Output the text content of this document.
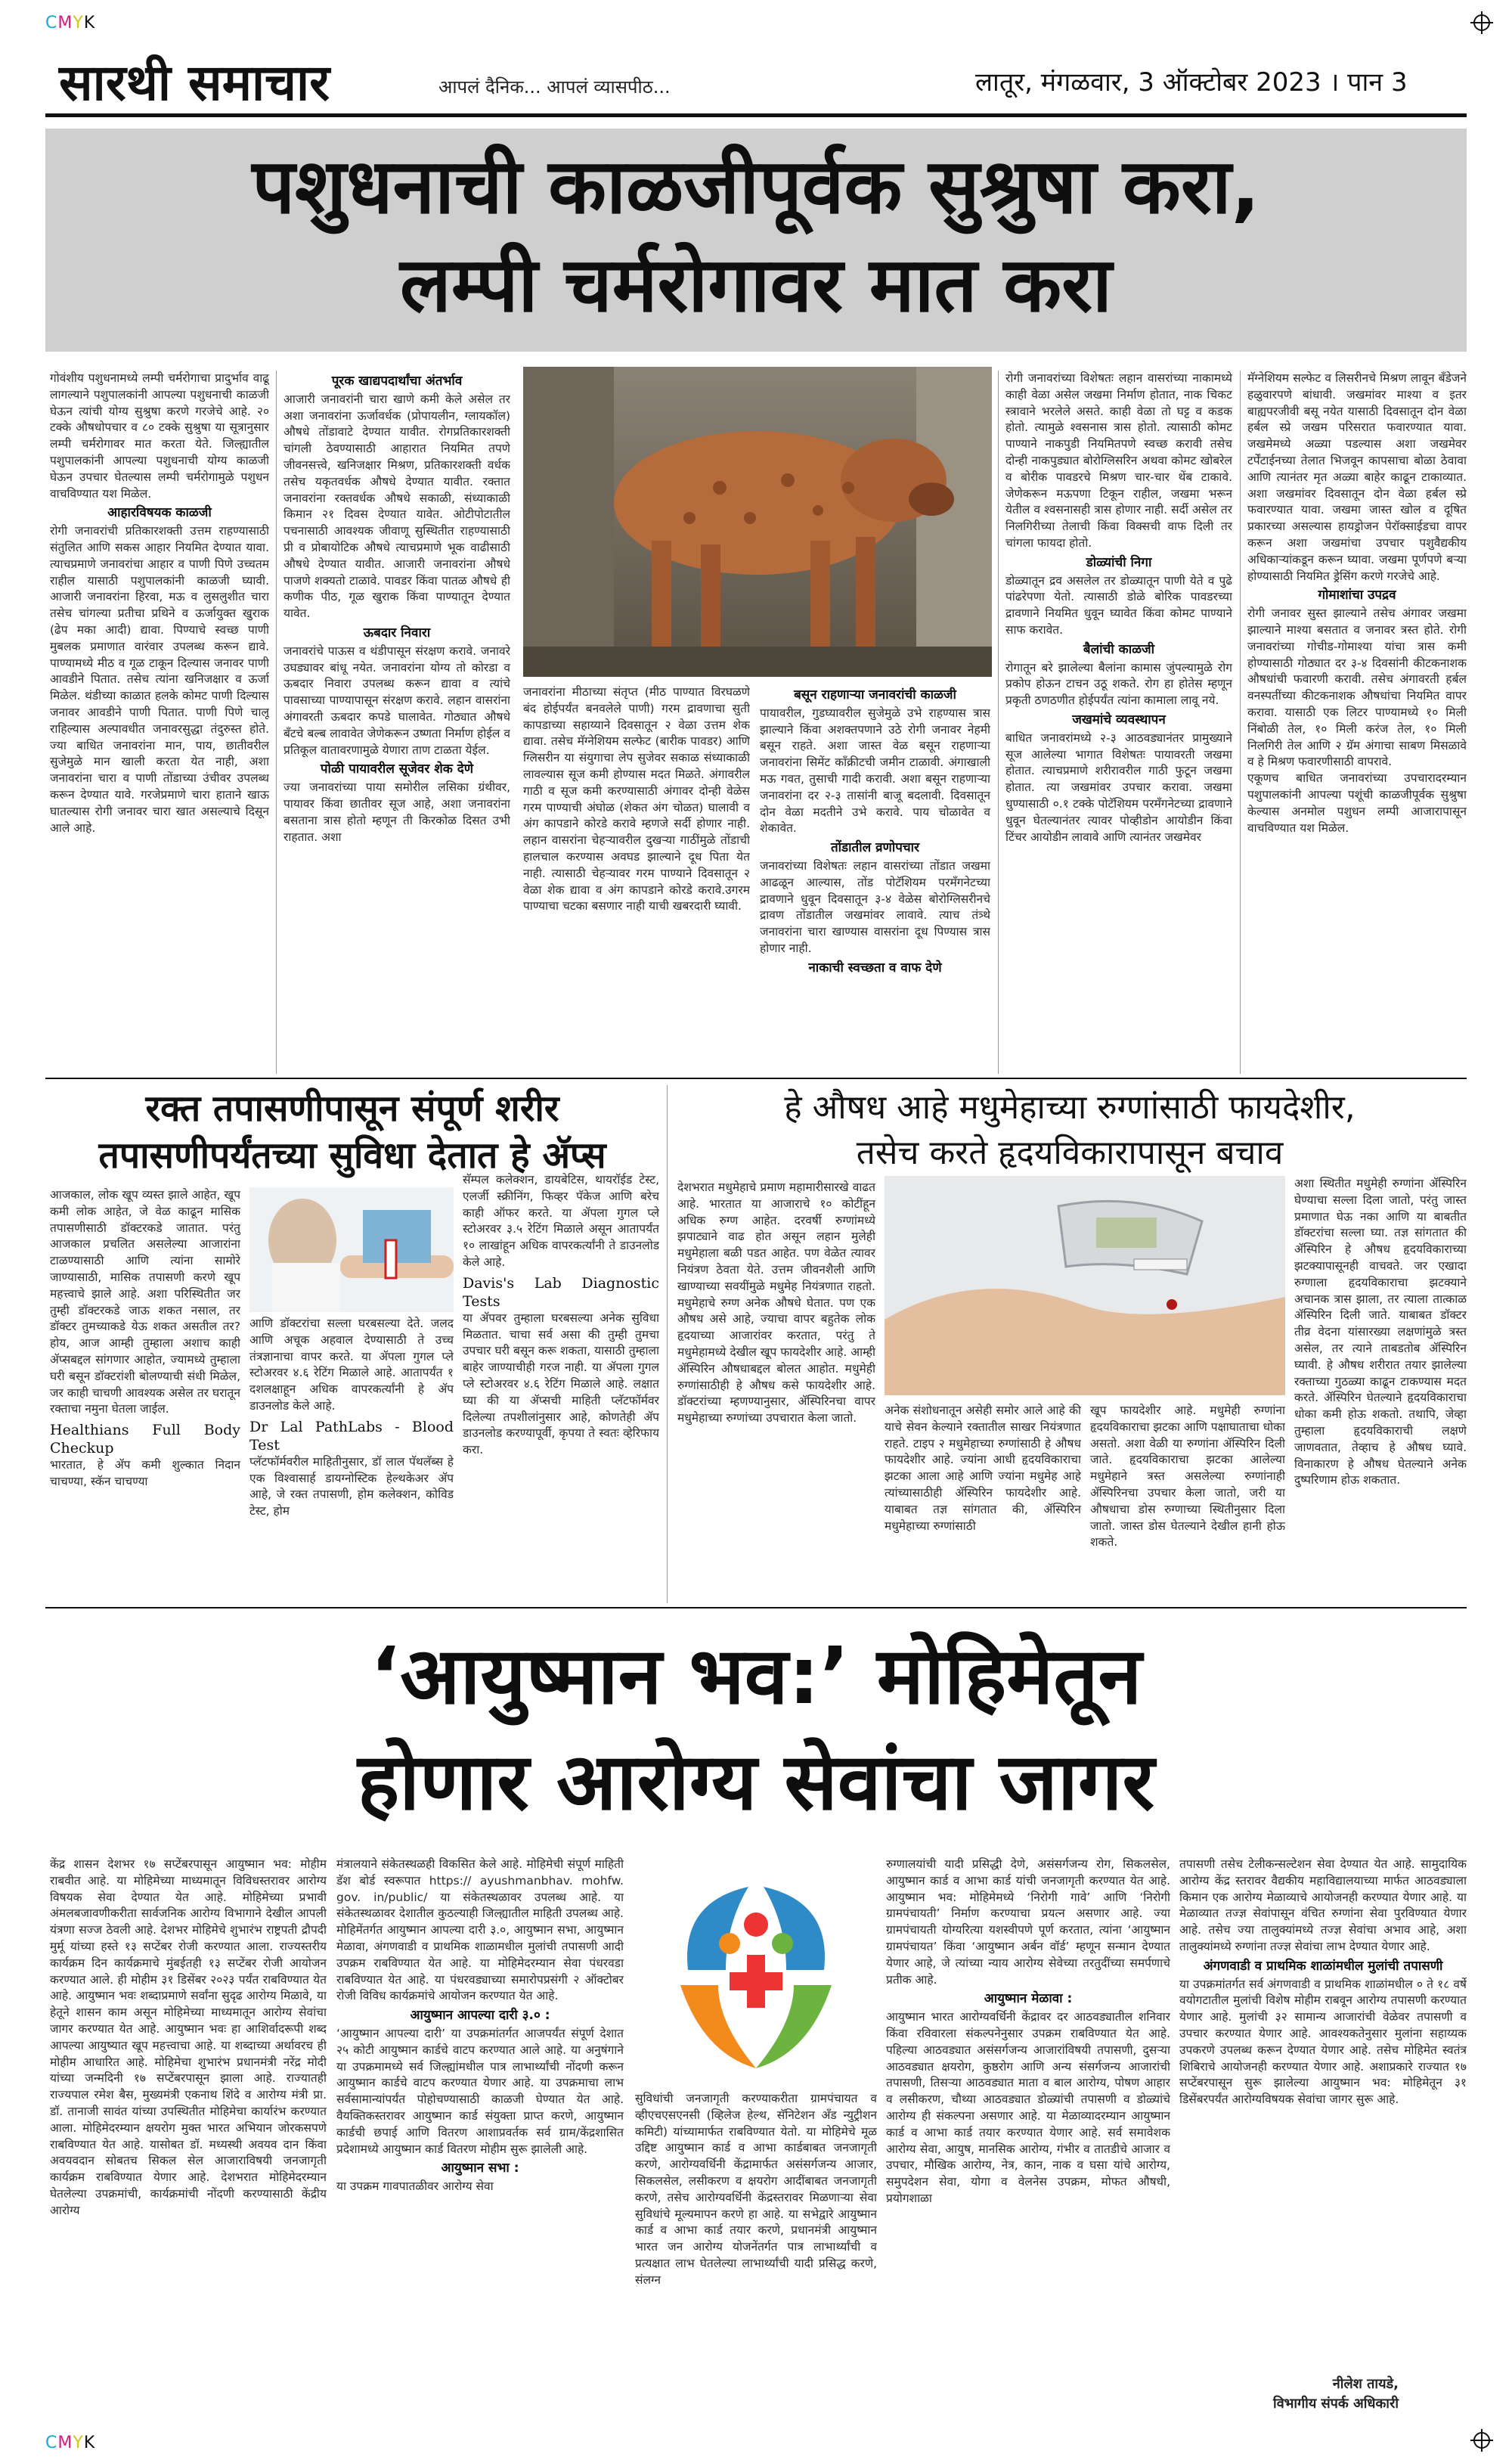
CMYK
CMYK
सारथी समाचार	आपलं दैनिक... आपलं व्यासपीठ...	लातूर, मंगळवार, 3 ऑक्टोबर 2023 । पान 3
पशुधनाची काळजीपूर्वक सुश्रुषा करा,
लम्पी चर्मरोगावर मात करा

गोवंशीय पशुधनामध्ये लम्पी चर्मरोगाचा प्रादुर्भाव वाढू लागल्याने पशुपालकांनी आपल्या पशुधनाची काळजी घेऊन त्यांची योग्य सुश्रुषा करणे गरजेचे आहे. २० टक्के औषधोपचार व ८० टक्के सुश्रुषा या सूत्रानुसार लम्पी चर्मरोगावर मात करता येते. जिल्ह्यातील पशुपालकांनी आपल्या पशुधनाची योग्य काळजी घेऊन उपचार घेतल्यास लम्पी चर्मरोगामुळे पशुधन वाचविण्यात यश मिळेल.

आहारविषयक काळजी

रोगी जनावरांची प्रतिकारशक्ती उत्तम राहण्यासाठी संतुलित आणि सकस आहार नियमित देण्यात यावा. त्याचप्रमाणे जनावरांचा आहार व पाणी पिणे उच्चतम राहील यासाठी पशुपालकांनी काळजी घ्यावी. आजारी जनावरांना हिरवा, मऊ व लुसलुशीत चारा तसेच चांगल्या प्रतीचा प्रथिने व ऊर्जायुक्त खुराक (ढेप मका आदी) द्यावा. पिण्याचे स्वच्छ पाणी मुबलक प्रमाणात वारंवार उपलब्ध करून द्यावे. पाण्यामध्ये मीठ व गूळ टाकून दिल्यास जनावर पाणी आवडीने पितात. तसेच त्यांना खनिजक्षार व ऊर्जा मिळेल. थंडीच्या काळात हलके कोमट पाणी दिल्यास जनावर आवडीने पाणी पितात. पाणी पिणे चालू राहिल्यास अल्पावधीत जनावरसुद्धा तंदुरुस्त होते. ज्या बाधित जनावरांना मान, पाय, छातीवरील सुजेमुळे मान खाली करता येत नाही, अशा जनावरांना चारा व पाणी तोंडाच्या उंचीवर उपलब्ध करून देण्यात यावे. गरजेप्रमाणे चारा हाताने खाऊ घातल्यास रोगी जनावर चारा खात असल्याचे दिसून आले आहे.

पूरक खाद्यपदार्थांचा अंतर्भाव

आजारी जनावरांनी चारा खाणे कमी केले असेल तर अशा जनावरांना ऊर्जावर्धक (प्रोपायलीन, ग्लायकॉल) औषधे तोंडावाटे देण्यात यावीत. रोगप्रतिकारशक्ती चांगली ठेवण्यासाठी आहारात नियमित तपणे जीवनसत्त्वे, खनिजक्षार मिश्रण, प्रतिकारशक्ती वर्धक तसेच यकृतवर्धक औषधे देण्यात यावीत. रक्तात जनावरांना रक्तवर्धक औषधे सकाळी, संध्याकाळी किमान २१ दिवस देण्यात यावेत. ओटीपोटातील पचनासाठी आवश्यक जीवाणू सुस्थितीत राहण्यासाठी प्री व प्रोबायोटिक औषधे त्याचप्रमाणे भूक वाढीसाठी औषधे देण्यात यावीत. आजारी जनावरांना औषधे पाजणे शक्यतो टाळावे. पावडर किंवा पातळ औषधे ही कणीक पीठ, गूळ खुराक किंवा पाण्यातून देण्यात यावेत.

ऊबदार निवारा

जनावरांचे पाऊस व थंडीपासून संरक्षण करावे. जनावरे उघड्यावर बांधू नयेत. जनावरांना योग्य तो कोरडा व ऊबदार निवारा उपलब्ध करून द्यावा व त्यांचे पावसाच्या पाण्यापासून संरक्षण करावे. लहान वासरांना अंगावरती ऊबदार कपडे घालावेत. गोठ्यात औषधे बँटचे बल्ब लावावेत जेणेकरून उष्णता निर्माण होईल व प्रतिकूल वातावरणामुळे येणारा ताण टाळता येईल.

पोळी पायावरील सूजेवर शेक देणे

ज्या जनावरांच्या पाया समोरील लसिका ग्रंथीवर, पायावर किंवा छातीवर सूज आहे, अशा जनावरांना बसताना त्रास होतो म्हणून ती किरकोळ दिसत उभी राहतात. अशा

जनावरांना मीठाच्या संतृप्त (मीठ पाण्यात विरघळणे बंद होईपर्यंत बनवलेले पाणी) गरम द्रावणाचा सुती कापडाच्या सहाय्याने दिवसातून २ वेळा उत्तम शेक द्यावा. तसेच मॅग्नेशियम सल्फेट (बारीक पावडर) आणि ग्लिसरीन या संयुगाचा लेप सुजेवर सकाळ संध्याकाळी लावल्यास सूज कमी होण्यास मदत मिळते. अंगावरील गाठी व सूज कमी करण्यासाठी अंगावर दोन्ही वेळेस गरम पाण्याची अंघोळ (शेकत अंग चोळत) घालावी व अंग कापडाने कोरडे करावे म्हणजे सर्दी होणार नाही. लहान वासरांना चेहऱ्यावरील दुखऱ्या गाठींमुळे तोंडाची हालचाल करण्यास अवघड झाल्याने दूध पिता येत नाही. त्यासाठी चेहऱ्यावर गरम पाण्याने दिवसातून २ वेळा शेक द्यावा व अंग कापडाने कोरडे करावे.उगरम पाण्याचा चटका बसणार नाही याची खबरदारी घ्यावी.

बसून राहणाऱ्या जनावरांची काळजी

पायावरील, गुडघ्यावरील सुजेमुळे उभे राहण्यास त्रास झाल्याने किंवा अशक्तपणाने उठे रोगी जनावर नेहमी बसून राहते. अशा जास्त वेळ बसून राहणाऱ्या जनावरांना सिमेंट काँक्रीटची जमीन टाळावी. अंगाखाली मऊ गवत, तुसाची गादी करावी. अशा बसून राहणाऱ्या जनावरांना दर २-३ तासांनी बाजू बदलावी. दिवसातून दोन वेळा मदतीने उभे करावे. पाय चोळावेत व शेकावेत.

तोंडातील व्रणोपचार

जनावरांच्या विशेषतः लहान वासरांच्या तोंडात जखमा आढळून आल्यास, तोंड पोटॅशियम परमँगनेटच्या द्रावणाने धुवून दिवसातून ३-४ वेळेस बोरोग्लिसरीनचे द्रावण तोंडातील जखमांवर लावावे. त्याच तंत्र्थे जनावरांना चारा खाण्यास वासरांना दूध पिण्यास त्रास होणार नाही.

नाकाची स्वच्छता व वाफ देणे

रोगी जनावरांच्या विशेषतः लहान वासरांच्या नाकामध्ये काही वेळा असेल जखमा निर्माण होतात, नाक चिकट स्त्रावाने भरलेले असते. काही वेळा तो घट्ट व कडक होतो. त्यामुळे श्वसनास त्रास होतो. त्यासाठी कोमट पाण्याने नाकपुडी नियमितपणे स्वच्छ करावी तसेच दोन्ही नाकपुड्यात बोरोग्लिसरिन अथवा कोमट खोबरेल व बोरीक पावडरचे मिश्रण चार-चार थेंब टाकावे. जेणेकरून मऊपणा टिकून राहील, जखमा भरून येतील व श्वसनासही त्रास होणार नाही. सर्दी असेल तर निलगिरीच्या तेलाची किंवा विक्सची वाफ दिली तर चांगला फायदा होतो.

डोळ्यांची निगा

डोळ्यातून द्रव असलेल तर डोळ्यातून पाणी येते व पुढे पांढरेपणा येतो. त्यासाठी डोळे बोरिक पावडरच्या द्रावणाने नियमित धुवून घ्यावेत किंवा कोमट पाण्याने साफ करावेत.

बैलांची काळजी

रोगातून बरे झालेल्या बैलांना कामास जुंपल्यामुळे रोग प्रकोप होऊन टाचन उठू शकते. रोग हा होतेस म्हणून प्रकृती ठणठणीत होईपर्यंत त्यांना कामाला लावू नये.

जखमांचे व्यवस्थापन

बाधित जनावरांमध्ये २-३ आठवड्यानंतर प्रामुख्याने सूज आलेल्या भागात विशेषतः पायावरती जखमा होतात. त्याचप्रमाणे शरीरावरील गाठी फुटून जखमा होतात. त्या जखमांवर उपचार करावा. जखमा धुण्यासाठी ०.१ टक्के पोटॅशियम परमँगनेटच्या द्रावणाने धुवून घेतल्यानंतर त्यावर पोव्हीडोन आयोडीन किंवा टिंचर आयोडीन लावावे आणि त्यानंतर जखमेवर

मॅग्नेशियम सल्फेट व लिसरीनचे मिश्रण लावून बँडेजने हळुवारपणे बांधावी. जखमांवर माश्या व इतर बाह्यपरजीवी बसू नयेत यासाठी दिवसातून दोन वेळा हर्बल स्प्रे जखम परिसरात फवारण्यात यावा. जखमेमध्ये अळ्या पडल्यास अशा जखमेवर टर्पेंटाईनच्या तेलात भिजवून कापसाचा बोळा ठेवावा आणि त्यानंतर मृत अळ्या बाहेर काढून टाकाव्यात. अशा जखमांवर दिवसातून दोन वेळा हर्बल स्प्रे फवारण्यात यावा. जखमा जास्त खोल व दूषित प्रकारच्या असल्यास हायड्रोजन पेरॉक्साईडचा वापर करून अशा जखमांचा उपचार पशुवैद्यकीय अधिकाऱ्यांकडून करून घ्यावा. जखमा पूर्णपणे बऱ्या होण्यासाठी नियमित ड्रेसिंग करणे गरजेचे आहे.

गोमाशांचा उपद्रव

रोगी जनावर सुस्त झाल्याने तसेच अंगावर जखमा झाल्याने माश्या बसतात व जनावर त्रस्त होते. रोगी जनावरांच्या गोचीड-गोमाश्या यांचा त्रास कमी होण्यासाठी गोठ्यात दर ३-४ दिवसांनी कीटकनाशक औषधांची फवारणी करावी. तसेच अंगावरती हर्बल वनस्पतींच्या कीटकनाशक औषधांचा नियमित वापर करावा. यासाठी एक लिटर पाण्यामध्ये १० मिली निंबोळी तेल, १० मिली करंज तेल, १० मिली निलगिरी तेल आणि २ ग्रॅम अंगाचा साबण मिसळावे व हे मिश्रण फवारणीसाठी वापरावे.

एकूणच बाधित जनावरांच्या उपचारादरम्यान पशुपालकांनी आपल्या पशूंची काळजीपूर्वक सुश्रुषा केल्यास अनमोल पशुधन लम्पी आजारापासून वाचविण्यात यश मिळेल.

रक्त तपासणीपासून संपूर्ण शरीर
तपासणीपर्यंतच्या सुविधा देतात हे ॲप्स

आजकाल, लोक खूप व्यस्त झाले आहेत, खूप कमी लोक आहेत, जे वेळ काढून मासिक तपासणीसाठी डॉक्टरकडे जातात. परंतु आजकाल प्रचलित असलेल्या आजारांना टाळण्यासाठी आणि त्यांना सामोरे जाण्यासाठी, मासिक तपासणी करणे खूप महत्त्वाचे झाले आहे. अशा परिस्थितीत जर तुम्ही डॉक्टरकडे जाऊ शकत नसाल, तर डॉक्टर तुमच्याकडे येऊ शकत असतील तर? होय, आज आम्ही तुम्हाला अशाच काही ॲप्सबद्दल सांगणार आहोत, ज्यामध्ये तुम्हाला घरी बसून डॉक्टरांशी बोलण्याची संधी मिळेल, जर काही चाचणी आवश्यक असेल तर घरातून रक्ताचा नमुना घेतला जाईल.

Healthians Full Body Checkup

भारतात, हे ॲप कमी शुल्कात निदान चाचण्या, स्कॅन चाचण्या

आणि डॉक्टरांचा सल्ला घरबसल्या देते. जलद आणि अचूक अहवाल देण्यासाठी ते उच्च तंत्रज्ञानाचा वापर करते. या ॲपला गुगल प्ले स्टोअरवर ४.६ रेटिंग मिळाले आहे. आतापर्यंत १ दशलक्षाहून अधिक वापरकर्त्यांनी हे ॲप डाउनलोड केले आहे.

Dr Lal PathLabs - Blood Test

प्लॅटफॉर्मवरील माहितीनुसार, डॉ लाल पॅथलॅब्स हे एक विश्वासार्ह डायग्नोस्टिक हेल्थकेअर ॲप आहे, जे रक्त तपासणी, होम कलेक्शन, कोविड टेस्ट, होम

सॅम्पल कलेक्शन, डायबेटिस, थायरॉईड टेस्ट, एलर्जी स्क्रीनिंग, फिव्हर पॅकेज आणि बरेच काही ऑफर करते. या ॲपला गुगल प्ले स्टोअरवर ३.५ रेटिंग मिळाले असून आतापर्यंत १० लाखांहून अधिक वापरकर्त्यांनी ते डाउनलोड केले आहे.

Davis's Lab Diagnostic Tests

या ॲपवर तुम्हाला घरबसल्या अनेक सुविधा मिळतात. चाचा सर्व असा की तुम्ही तुमचा उपचार घरी बसून करू शकता, यासाठी तुम्हाला बाहेर जाण्याचीही गरज नाही. या ॲपला गुगल प्ले स्टोअरवर ४.६ रेटिंग मिळाले आहे. लक्षात घ्या की या ॲप्सची माहिती प्लॅटफॉर्मवर दिलेल्या तपशीलांनुसार आहे, कोणतेही ॲप डाउनलोड करण्यापूर्वी, कृपया ते स्वतः व्हेरिफाय करा.

हे औषध आहे मधुमेहाच्या रुग्णांसाठी फायदेशीर,
तसेच करते हृदयविकारापासून बचाव

देशभरात मधुमेहाचे प्रमाण महामारीसारखे वाढत आहे. भारतात या आजाराचे १० कोटींहून अधिक रुग्ण आहेत. दरवर्षी रुग्णांमध्ये झपाट्याने वाढ होत असून लहान मुलेही मधुमेहाला बळी पडत आहेत. पण वेळेत त्यावर नियंत्रण ठेवता येते. उत्तम जीवनशैली आणि खाण्याच्या सवयींमुळे मधुमेह नियंत्रणात राहतो. मधुमेहाचे रुग्ण अनेक औषधे घेतात. पण एक औषध असे आहे, ज्याचा वापर बहुतेक लोक हृदयाच्या आजारांवर करतात, परंतु ते मधुमेहामध्ये देखील खूप फायदेशीर आहे. आम्ही ॲस्पिरिन औषधाबद्दल बोलत आहोत. मधुमेही रुग्णांसाठीही हे औषध कसे फायदेशीर आहे. डॉक्टरांच्या म्हणण्यानुसार, ॲस्पिरिनचा वापर मधुमेहाच्या रुग्णांच्या उपचारात केला जातो.

अनेक संशोधनातून असेही समोर आले आहे की याचे सेवन केल्याने रक्तातील साखर नियंत्रणात राहते. टाइप २ मधुमेहाच्या रुग्णांसाठी हे औषध फायदेशीर आहे. ज्यांना आधी हृदयविकाराचा झटका आला आहे आणि ज्यांना मधुमेह आहे त्यांच्यासाठीही ॲस्पिरिन फायदेशीर आहे. याबाबत तज्ञ सांगतात की, ॲस्पिरिन मधुमेहाच्या रुग्णांसाठी

खूप फायदेशीर आहे. मधुमेही रुग्णांना हृदयविकाराचा झटका आणि पक्षाघाताचा धोका असतो. अशा वेळी या रुग्णांना ॲस्पिरिन दिली जाते. हृदयविकाराचा झटका आलेल्या मधुमेहाने त्रस्त असलेल्या रुग्णांनाही ॲस्पिरिनचा उपचार केला जातो, जरी या औषधाचा डोस रुग्णाच्या स्थितीनुसार दिला जातो. जास्त डोस घेतल्याने देखील हानी होऊ शकते.

अशा स्थितीत मधुमेही रुग्णांना ॲस्पिरिन घेण्याचा सल्ला दिला जातो, परंतु जास्त प्रमाणात घेऊ नका आणि या बाबतीत डॉक्टरांचा सल्ला घ्या. तज्ञ सांगतात की ॲस्पिरिन हे औषध हृदयविकाराच्या झटक्यापासूनही वाचवते. जर एखादा रुग्णाला हृदयविकाराचा झटक्याने अचानक त्रास झाला, तर त्याला तात्काळ ॲस्पिरिन दिली जाते. याबाबत डॉक्टर तीव्र वेदना यांसारख्या लक्षणांमुळे त्रस्त असेल, तर त्याने ताबडतोब ॲस्पिरिन घ्यावी. हे औषध शरीरात तयार झालेल्या रक्ताच्या गुठळ्या काढून टाकण्यास मदत करते. ॲस्पिरिन घेतल्याने हृदयविकाराचा धोका कमी होऊ शकतो. तथापि, जेव्हा तुम्हाला हृदयविकाराची लक्षणे जाणवतात, तेव्हाच हे औषध घ्यावे. विनाकारण हे औषध घेतल्याने अनेक दुष्परिणाम होऊ शकतात.

‘आयुष्मान भव:’ मोहिमेतून
होणार आरोग्य सेवांचा जागर

केंद्र शासन देशभर १७ सप्टेंबरपासून आयुष्मान भव: मोहीम राबवीत आहे. या मोहिमेच्या माध्यमातून विविधस्तरावर आरोग्य विषयक सेवा देण्यात येत आहे. मोहिमेच्या प्रभावी अंमलबजावणीकरीता सार्वजनिक आरोग्य विभागाने देखील आपली यंत्रणा सज्ज ठेवली आहे. देशभर मोहिमेचे शुभारंभ राष्ट्रपती द्रौपदी मुर्मू यांच्या हस्ते १३ सप्टेंबर रोजी करण्यात आला. राज्यस्तरीय कार्यक्रम दिन कार्यक्रमाचे मुंबईतही १३ सप्टेंबर रोजी आयोजन करण्यात आले. ही मोहीम ३१ डिसेंबर २०२३ पर्यंत राबविण्यात येत आहे. आयुष्मान भवः शब्दाप्रमाणे सर्वांना सुदृढ आरोग्य मिळावे, या हेतूने शासन काम असून मोहिमेच्या माध्यमातून आरोग्य सेवांचा जागर करण्यात येत आहे. आयुष्मान भवः हा आशिर्वादरूपी शब्द आपल्या आयुष्यात खूप महत्त्वाचा आहे. या शब्दाच्या अर्थावरच ही मोहीम आधारित आहे. मोहिमेचा शुभारंभ प्रधानमंत्री नरेंद्र मोदी यांच्या जन्मदिनी १७ सप्टेंबरपासून झाला आहे. राज्यातही राज्यपाल रमेश बैस, मुख्यमंत्री एकनाथ शिंदे व आरोग्य मंत्री प्रा. डॉ. तानाजी सावंत यांच्या उपस्थितीत मोहिमेचा कार्यारंभ करण्यात आला. मोहिमेदरम्यान क्षयरोग मुक्त भारत अभियान जोरकसपणे राबविण्यात येत आहे. यासोबत डॉ. मध्यस्थी अवयव दान किंवा अवयवदान सोबतच सिकल सेल आजाराविषयी जनजागृती कार्यक्रम राबविण्यात येणार आहे. देशभरात मोहिमेदरम्यान घेतलेल्या उपक्रमांची, कार्यक्रमांची नोंदणी करण्यासाठी केंद्रीय आरोग्य

मंत्रालयाने संकेतस्थळही विकसित केले आहे. मोहिमेची संपूर्ण माहिती डॅश बोर्ड स्वरूपात https:// ayushmanbhav. mohfw. gov. in/public/ या संकेतस्थळावर उपलब्ध आहे. या संकेतस्थळावर देशातील कुठल्याही जिल्ह्यातील माहिती उपलब्ध आहे. मोहिमेंतर्गत आयुष्मान आपल्या दारी ३.०, आयुष्मान सभा, आयुष्मान मेळावा, अंगणवाडी व प्राथमिक शाळामधील मुलांची तपासणी आदी उपक्रम राबविण्यात येत आहे. या मोहिमेदरम्यान सेवा पंधरवडा राबविण्यात येत आहे. या पंधरवड्याच्या समारोपप्रसंगी २ ऑक्टोबर रोजी विविध कार्यक्रमांचे आयोजन करण्यात येत आहे.

आयुष्मान आपल्या दारी ३.० :

‘आयुष्मान आपल्या दारी’ या उपक्रमांतर्गत आजपर्यंत संपूर्ण देशात २५ कोटी आयुष्मान कार्डचे वाटप करण्यात आले आहे. या अनुषंगाने या उपक्रमामध्ये सर्व जिल्ह्यांमधील पात्र लाभार्थ्यांची नोंदणी करून आयुष्मान कार्डचे वाटप करण्यात येणार आहे. या उपक्रमाचा लाभ सर्वसामान्यांपर्यंत पोहोचण्यासाठी काळजी घेण्यात येत आहे. वैयक्तिकस्तरावर आयुष्मान कार्ड संयुक्ता प्राप्त करणे, आयुष्मान कार्डची छपाई आणि वितरण आशाप्रवर्तक सर्व ग्राम/केंद्रशासित प्रदेशामध्ये आयुष्मान कार्ड वितरण मोहीम सुरू झालेली आहे.

आयुष्मान सभा :

या उपक्रम गावपातळीवर आरोग्य सेवा

सुविधांची जनजागृती करण्याकरीता ग्रामपंचायत व व्हीएचएसएनसी (व्हिलेज हेल्थ, सॅनिटेशन अँड न्युट्रीशन कमिटी) यांच्यामार्फत राबविण्यात येतो. या मोहिमेचे मूळ उद्दिष्ट आयुष्मान कार्ड व आभा कार्डबाबत जनजागृती करणे, आरोग्यवर्धिनी केंद्रामार्फत असंसर्गजन्य आजार, सिकलसेल, लसीकरण व क्षयरोग आदींबाबत जनजागृती करणे, तसेच आरोग्यवर्धिनी केंद्रस्तरावर मिळणाऱ्या सेवा सुविधांचे मूल्यमापन करणे हा आहे. या सभेद्वारे आयुष्मान कार्ड व आभा कार्ड तयार करणे, प्रधानमंत्री आयुष्मान भारत जन आरोग्य योजनेंतर्गत पात्र लाभार्थ्यांची व प्रत्यक्षात लाभ घेतलेल्या लाभार्थ्यांची यादी प्रसिद्ध करणे, संलग्न

रुग्णालयांची यादी प्रसिद्धी देणे, असंसर्गजन्य रोग, सिकलसेल, आयुष्मान कार्ड व आभा कार्ड यांची जनजागृती करण्यात येत आहे. आयुष्मान भव: मोहिमेमध्ये ‘निरोगी गावे’ आणि ‘निरोगी ग्रामपंचायती’ निर्माण करण्याचा प्रयत्न असणार आहे. ज्या ग्रामपंचायती योग्यरित्या यशस्वीपणे पूर्ण करतात, त्यांना ‘आयुष्मान ग्रामपंचायत’ किंवा ‘आयुष्मान अर्बन वॉर्ड’ म्हणून सन्मान देण्यात येणार आहे, जे त्यांच्या न्याय आरोग्य सेवेच्या तरतुदींच्या समर्पणाचे प्रतीक आहे.

आयुष्मान मेळावा :

आयुष्मान भारत आरोग्यवर्धिनी केंद्रावर दर आठवड्यातील शनिवार किंवा रविवारला संकल्पनेनुसार उपक्रम राबविण्यात येत आहे. पहिल्या आठवड्यात असंसर्गजन्य आजारांविषयी तपासणी, दुसऱ्या आठवड्यात क्षयरोग, कुष्ठरोग आणि अन्य संसर्गजन्य आजारांची तपासणी, तिसऱ्या आठवड्यात माता व बाल आरोग्य, पोषण आहार व लसीकरण, चौथ्या आठवड्यात डोळ्यांची तपासणी व डोळ्यांचे आरोग्य ही संकल्पना असणार आहे. या मेळाव्यादरम्यान आयुष्मान कार्ड व आभा कार्ड तयार करण्यात येणार आहे. सर्व समावेशक आरोग्य सेवा, आयुष, मानसिक आरोग्य, गंभीर व तातडीचे आजार व उपचार, मौखिक आरोग्य, नेत्र, कान, नाक व घसा यांचे आरोग्य, समुपदेशन सेवा, योगा व वेलनेस उपक्रम, मोफत औषधी, प्रयोगशाळा

तपासणी तसेच टेलीकन्सल्टेशन सेवा देण्यात येत आहे. सामुदायिक आरोग्य केंद्र स्तरावर वैद्यकीय महाविद्यालयाच्या मार्फत आठवड्याला किमान एक आरोग्य मेळाव्याचे आयोजनही करण्यात येणार आहे. या मेळाव्यात तज्ज्ञ सेवांपासून वंचित रुग्णांना सेवा पुरविण्यात येणार आहे. तसेच ज्या तालुक्यांमध्ये तज्ज्ञ सेवांचा अभाव आहे, अशा तालुक्यांमध्ये रुग्णांना तज्ज्ञ सेवांचा लाभ देण्यात येणार आहे.

अंगणवाडी व प्राथमिक शाळांमधील मुलांची तपासणी

या उपक्रमांतर्गत सर्व अंगणवाडी व प्राथमिक शाळांमधील ० ते १८ वर्षे वयोगटातील मुलांची विशेष मोहीम राबवून आरोग्य तपासणी करण्यात येणार आहे. मुलांची ३२ सामान्य आजारांची वेळेवर तपासणी व उपचार करण्यात येणार आहे. आवश्यकतेनुसार मुलांना सहाय्यक उपकरणे उपलब्ध करून देण्यात येणार आहे. तसेच मोहिमेत स्वतंत्र शिबिराचे आयोजनही करण्यात येणार आहे. अशाप्रकारे राज्यात १७ सप्टेंबरपासून सुरू झालेल्या आयुष्मान भव: मोहिमेतून ३१ डिसेंबरपर्यंत आरोग्यविषयक सेवांचा जागर सुरू आहे.

नीलेश तायडे,
विभागीय संपर्क अधिकारी
